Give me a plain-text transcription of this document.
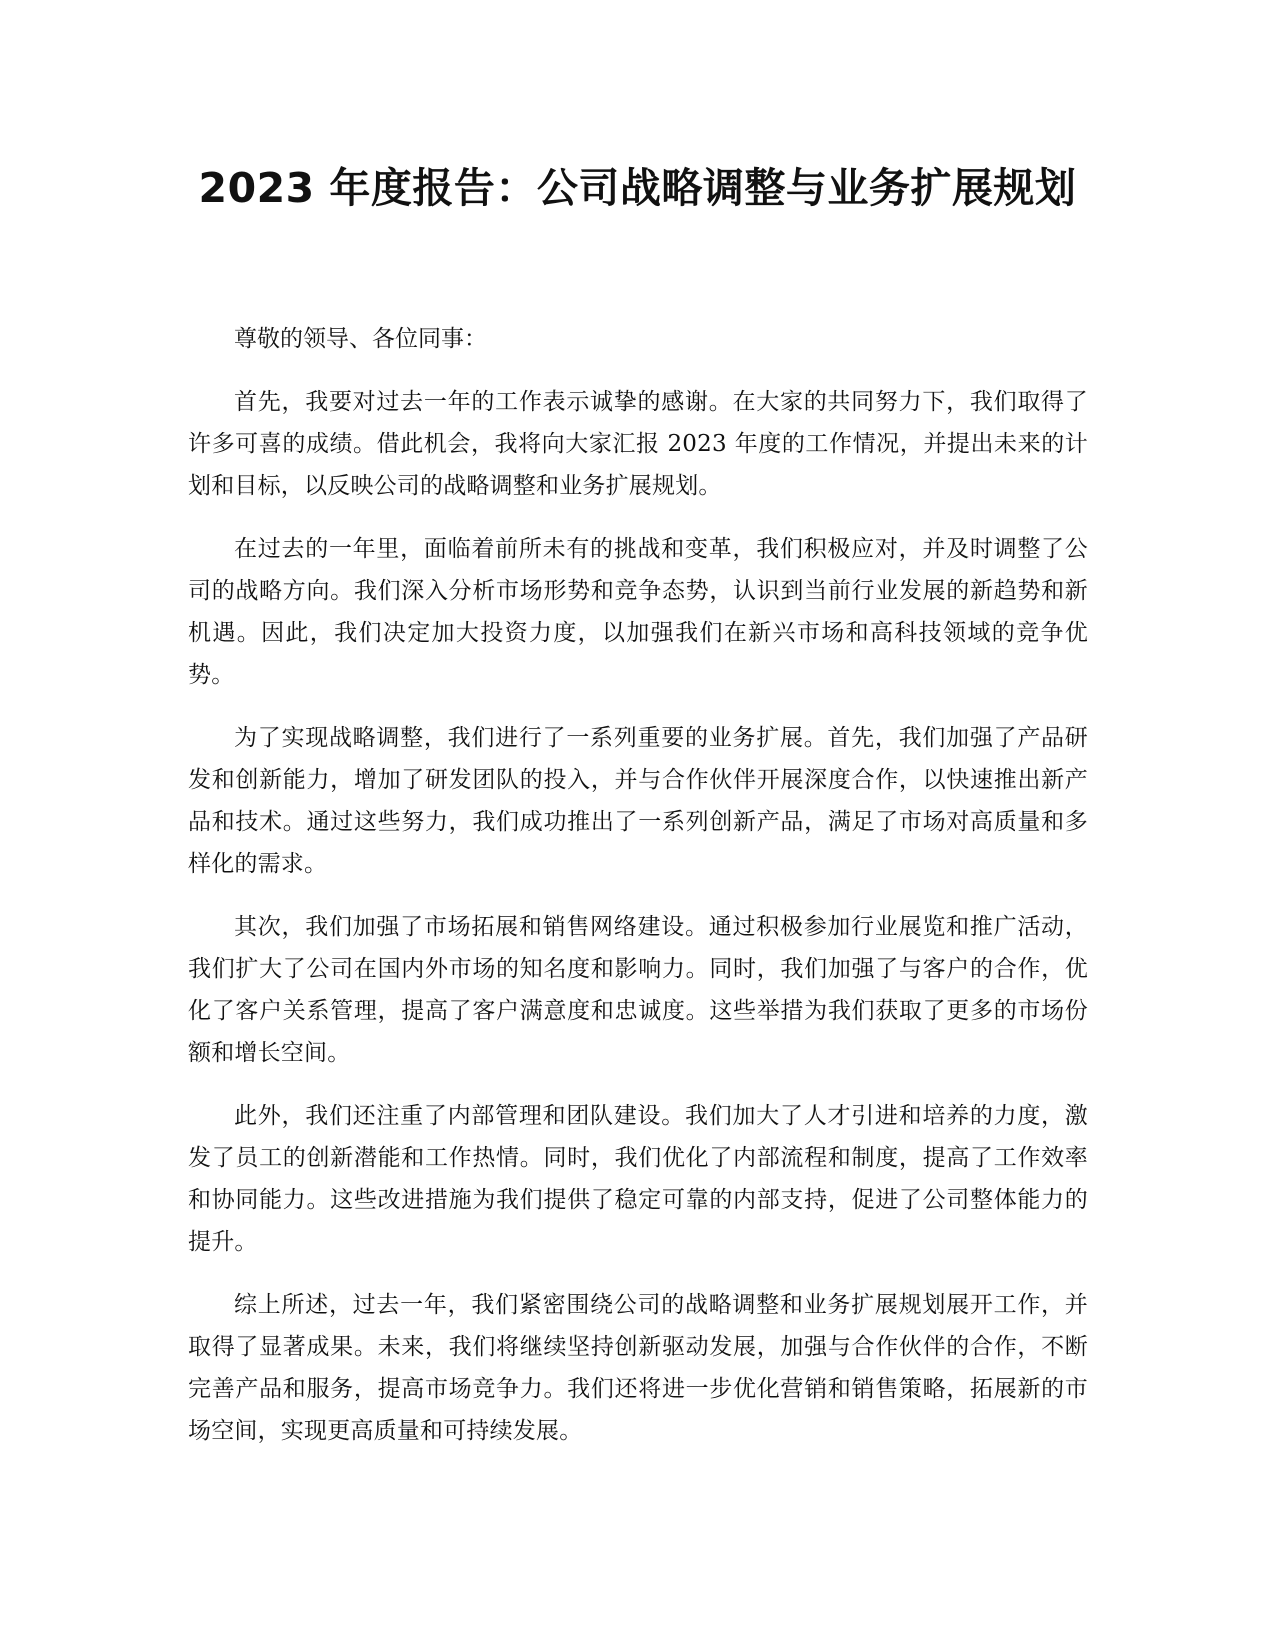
2023 年度报告：公司战略调整与业务扩展规划

尊敬的领导、各位同事：

首先，我要对过去一年的工作表示诚挚的感谢。在大家的共同努力下，我们取得了许多可喜的成绩。借此机会，我将向大家汇报 2023 年度的工作情况，并提出未来的计划和目标，以反映公司的战略调整和业务扩展规划。

在过去的一年里，面临着前所未有的挑战和变革，我们积极应对，并及时调整了公司的战略方向。我们深入分析市场形势和竞争态势，认识到当前行业发展的新趋势和新机遇。因此，我们决定加大投资力度，以加强我们在新兴市场和高科技领域的竞争优势。

为了实现战略调整，我们进行了一系列重要的业务扩展。首先，我们加强了产品研发和创新能力，增加了研发团队的投入，并与合作伙伴开展深度合作，以快速推出新产品和技术。通过这些努力，我们成功推出了一系列创新产品，满足了市场对高质量和多样化的需求。

其次，我们加强了市场拓展和销售网络建设。通过积极参加行业展览和推广活动，我们扩大了公司在国内外市场的知名度和影响力。同时，我们加强了与客户的合作，优化了客户关系管理，提高了客户满意度和忠诚度。这些举措为我们获取了更多的市场份额和增长空间。

此外，我们还注重了内部管理和团队建设。我们加大了人才引进和培养的力度，激发了员工的创新潜能和工作热情。同时，我们优化了内部流程和制度，提高了工作效率和协同能力。这些改进措施为我们提供了稳定可靠的内部支持，促进了公司整体能力的提升。

综上所述，过去一年，我们紧密围绕公司的战略调整和业务扩展规划展开工作，并取得了显著成果。未来，我们将继续坚持创新驱动发展，加强与合作伙伴的合作，不断完善产品和服务，提高市场竞争力。我们还将进一步优化营销和销售策略，拓展新的市场空间，实现更高质量和可持续发展。
